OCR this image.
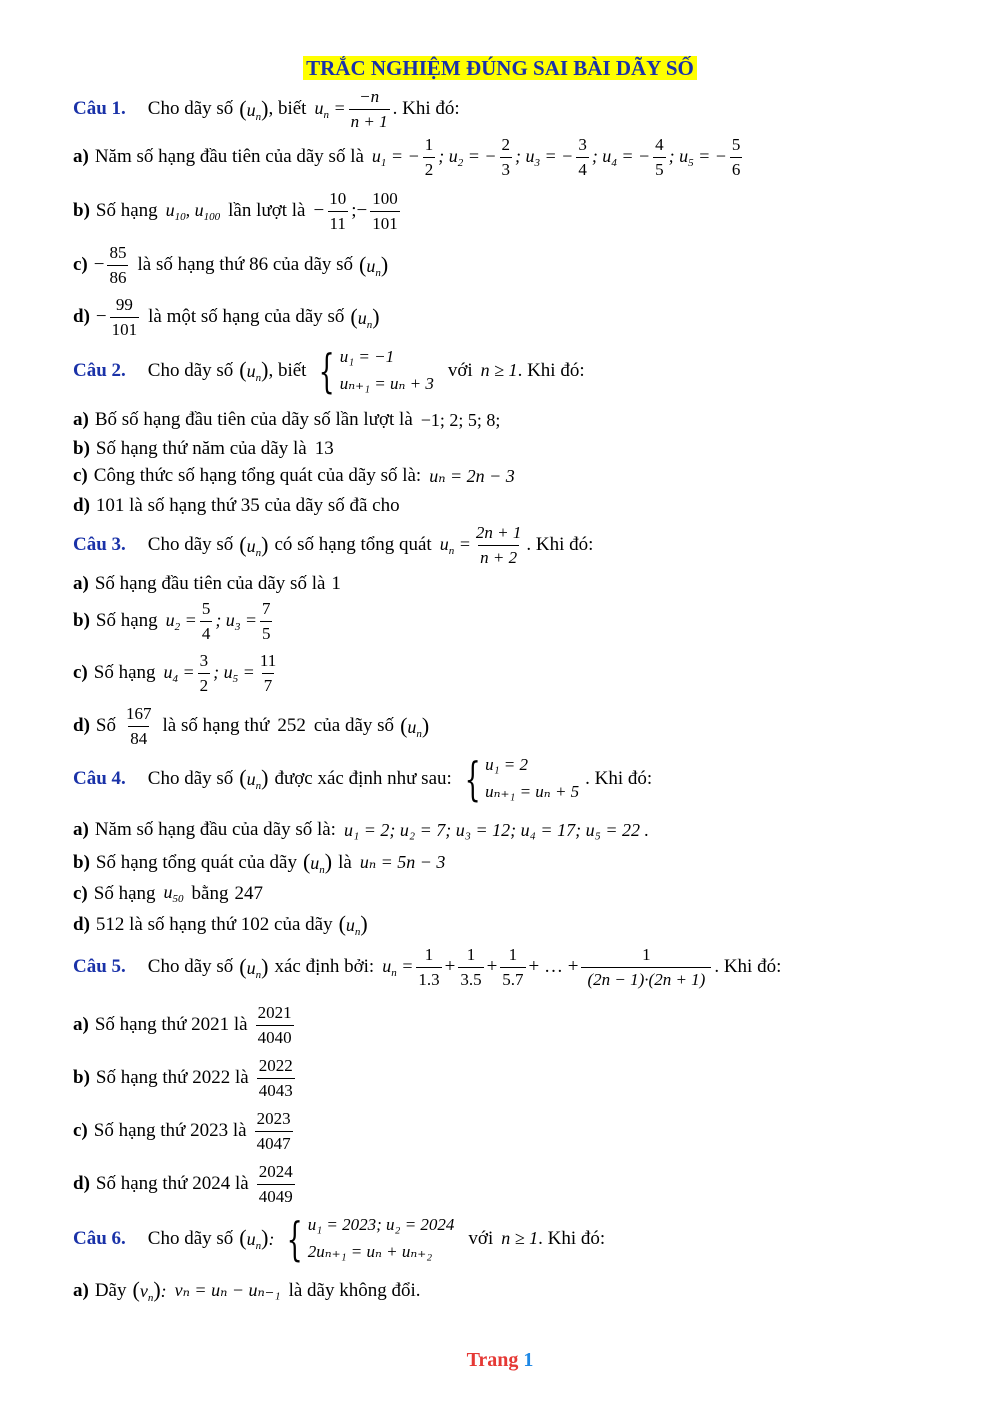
TRẮC NGHIỆM ĐÚNG SAI BÀI DÃY SỐ
Câu 1. Cho dãy số $(u_n)$ , biết $u_n = \frac{-n}{n + 1}$ . Khi đó:
a) Năm số hạng đầu tiên của dãy số là $u_1$ = − $\frac{1}{2}$ ; $u_2$ = − $\frac{2}{3}$ ; $u_3$ = − $\frac{3}{4}$ ; $u_4$ = − $\frac{4}{5}$ ; $u_5$ = − $\frac{5}{6}$
b) Số hạng $u_{10}$, $u_{100}$ lần lượt là − $\frac{10}{11}$ ;− $\frac{100}{101}$
$c) - \frac{85}{86}$ là số hạng thứ 86 của dãy số $(u_n)$
$d) - \frac{99}{101}$ là một số hạng của dãy số $(u_n)$
Câu 2. Cho dãy số $(u_n)$ , biết { u₁ = −1
uₙ₊₁ = uₙ + 3
với n ≥ 1 . Khi đó:
a) Bố số hạng đầu tiên của dãy số lần lượt là −1; 2; 5; 8;
b) Số hạng thứ năm của dãy là 13
c) Công thức số hạng tổng quát của dãy số là: uₙ = 2n − 3
d) 101 là số hạng thứ 35 của dãy số đã cho
Câu 3. Cho dãy số $(u_n)$ có số hạng tổng quát $u_n = \frac{2n + 1}{n + 2}$ . Khi đó:
a) Số hạng đầu tiên của dãy số là 1
b) Số hạng $u_2 = \frac{5}{4}$ ; $u_3 = \frac{7}{5}$
c) Số hạng $u_4 = \frac{3}{2}$ ; $u_5 = \frac{11}{7}$
d) Số $\frac{167}{84}$ là số hạng thứ 252 của dãy số $(u_n)$
Câu 4. Cho dãy số $(u_n)$ được xác định như sau: { u₁ = 2
uₙ₊₁ = uₙ + 5
. Khi đó:
a) Năm số hạng đầu của dãy số là: u₁ = 2; u₂ = 7; u₃ = 12; u₄ = 17; u₅ = 22 .
b) Số hạng tổng quát của dãy $(u_n)$ là uₙ = 5n − 3
c) Số hạng $u_{50}$ bằng 247
d) 512 là số hạng thứ 102 của dãy $(u_n)$
Câu 5. Cho dãy số $(u_n)$ xác định bởi: $u_n = \frac{1}{1.3} + \frac{1}{3.5} + \frac{1}{5.7}$ + … + $\frac{1}{(2n - 1)\cdot(2n + 1)}$ . Khi đó:
a) Số hạng thứ 2021 là $\frac{2021}{4040}$
b) Số hạng thứ 2022 là $\frac{2022}{4043}$
c) Số hạng thứ 2023 là $\frac{2023}{4047}$
d) Số hạng thứ 2024 là $\frac{2024}{4049}$
Câu 6. Cho dãy số $(u_n)$: { u₁ = 2023; u₂ = 2024
2uₙ₊₁ = uₙ + uₙ₊₂
với n ≥ 1 . Khi đó:
a) Dãy $(v_n)$: vₙ = uₙ − uₙ₋₁ là dãy không đổi.
Trang 1
